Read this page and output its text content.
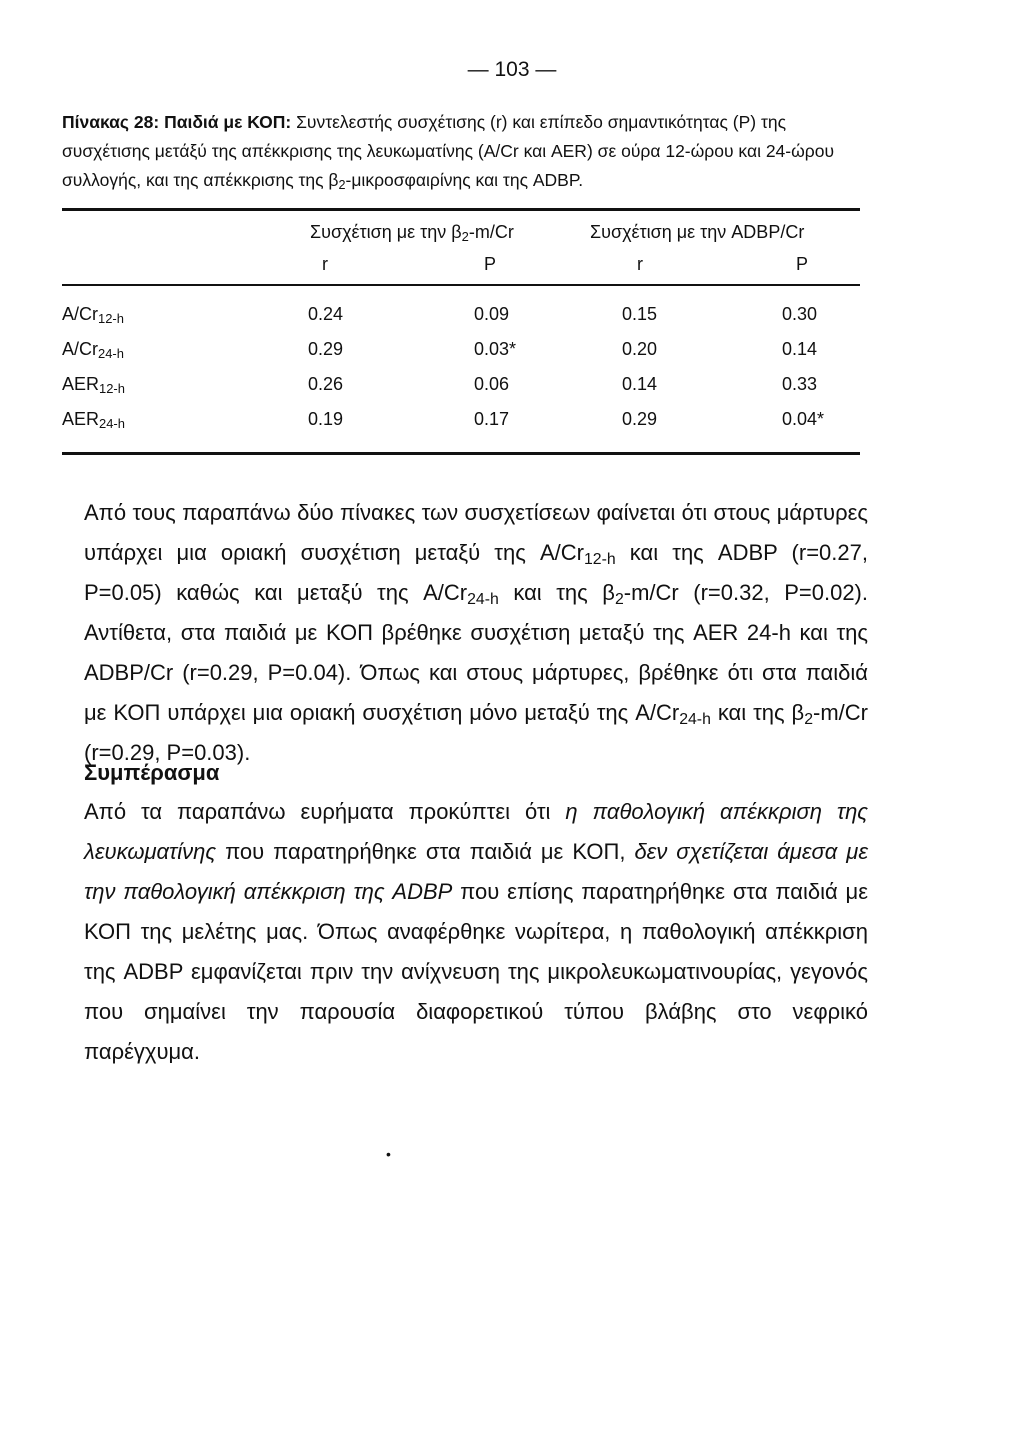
— 103 —

Πίνακας 28: Παιδιά με ΚΟΠ: Συντελεστής συσχέτισης (r) και επίπεδο σημαντικότητας (P) της συσχέτισης μετάξύ της απέκκρισης της λευκωματίνης (A/Cr και AER) σε ούρα 12-ώρου και 24-ώρου συλλογής, και της απέκκρισης της $\beta_2$-μικροσφαιρίνης και της ADBP.

Συσχέτιση με την $\beta_2-m/Cr$	Συσχέτιση με την ADBP/Cr
r	P	r	P
$A/Cr_{12-h}$	0.24	0.09	0.15	0.30
$A/Cr_{24-h}$	0.29	0.03*	0.20	0.14
$AER_{12-h}$	0.26	0.06	0.14	0.33
$AER_{24-h}$	0.19	0.17	0.29	0.04*

Από τους παραπάνω δύο πίνακες των συσχετίσεων φαίνεται ότι στους μάρτυρες υπάρχει μια οριακή συσχέτιση μεταξύ της $A/Cr_{12-h}$ και της ADBP (r=0.27, P=0.05) καθώς και μεταξύ της $A/Cr_{24-h}$ και της $\beta_2-m/Cr$ (r=0.32, P=0.02). Αντίθετα, στα παιδιά με ΚΟΠ βρέθηκε συσχέτιση μεταξύ της AER 24-h και της ADBP/Cr (r=0.29, P=0.04). Όπως και στους μάρτυρες, βρέθηκε ότι στα παιδιά με ΚΟΠ υπάρχει μια οριακή συσχέτιση μόνο μεταξύ της $A/Cr_{24-h}$ και της $\beta_2-m/Cr$ (r=0.29, P=0.03).

Συμπέρασμα

Από τα παραπάνω ευρήματα προκύπτει ότι η παθολογική απέκκριση της λευκωματίνης που παρατηρήθηκε στα παιδιά με ΚΟΠ, δεν σχετίζεται άμεσα με την παθολογική απέκκριση της ADBP που επίσης παρατηρήθηκε στα παιδιά με ΚΟΠ της μελέτης μας. Όπως αναφέρθηκε νωρίτερα, η παθολογική απέκκριση της ADBP εμφανίζεται πριν την ανίχνευση της μικρολευκωματινουρίας, γεγονός που σημαίνει την παρουσία διαφορετικού τύπου βλάβης στο νεφρικό παρέγχυμα.

•
